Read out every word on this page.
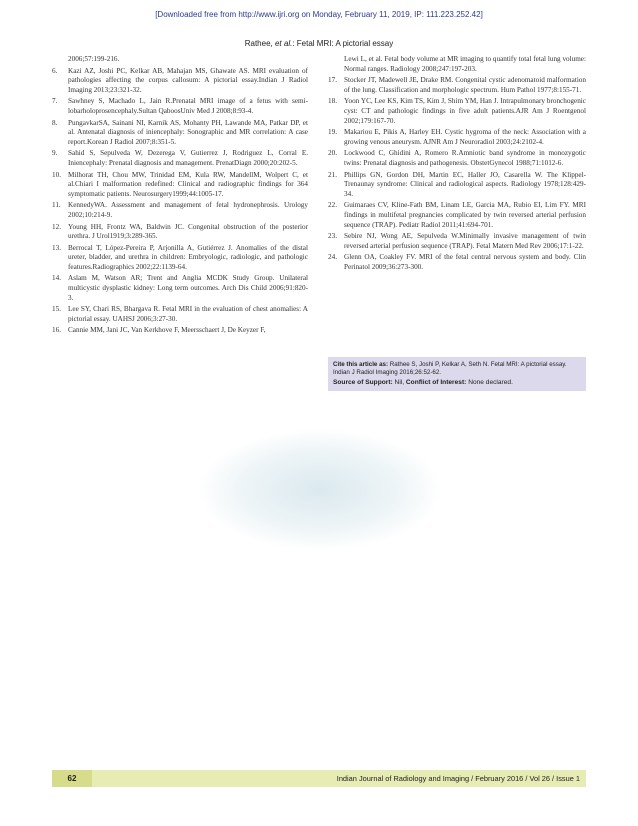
[Downloaded free from http://www.ijri.org on Monday, February 11, 2019, IP: 111.223.252.42]
Rathee, et al.: Fetal MRI: A pictorial essay
2006;57:199-216.
6.	Kazi AZ, Joshi PC, Kelkar AB, Mahajan MS, Ghawate AS. MRI evaluation of pathologies affecting the corpus callosum: A pictorial essay.Indian J Radiol Imaging 2013;23:321-32.
7.	Sawhney S, Machado L, Jain R.Prenatal MRI image of a fetus with semi-lobarholoprosencephaly.Sultan QaboosUniv Med J 2008;8:93-4.
8.	PungavkarSA, Sainani NI, Karnik AS, Mohanty PH, Lawande MA, Patkar DP, et al. Antenatal diagnosis of iniencephaly: Sonographic and MR correlation: A case report.Korean J Radiol 2007;8:351-5.
9.	Sahid S, Sepulveda W, Dezerega V, Gutierrez J, Rodriguez L, Corral E. Iniencephaly: Prenatal diagnosis and management. PrenatDiagn 2000;20:202-5.
10. Milhorat TH, Chou MW, Trinidad EM, Kula RW, MandellM, Wolpert C, et al.Chiari I malformation redefined: Clinical and radiographic findings for 364 symptomatic patients. Neurosurgery1999;44:1005-17.
11.	KennedyWA. Assessment and management of fetal hydronephrosis. Urology 2002;10:214-9.
12. Young HH, Frontz WA, Baldwin JC. Congenital obstruction of the posterior urethra. J Urol1919;3:289-365.
13. Berrocal T, López-Pereira P, Arjonilla A, Gutiérrez J. Anomalies of the distal ureter, bladder, and urethra in children: Embryologic, radiologic, and pathologic features.Radiographics 2002;22:1139-64.
14. Aslam M, Watson AR; Trent and Anglia MCDK Study Group. Unilateral multicystic dysplastic kidney: Long term outcomes. Arch Dis Child 2006;91:820-3.
15. Lee SY, Chari RS, Bhargava R. Fetal MRI in the evaluation of chest anomalies: A pictorial essay. UAHSJ 2006;3:27-30.
16. Cannie MM, Jani JC, Van Kerkhove F, Meersschaert J, De Keyzer F,
Lewi L, et al. Fetal body volume at MR imaging to quantify total fetal lung volume: Normal ranges. Radiology 2008;247:197-203.
17. Stocker JT, Madewell JE, Drake RM. Congenital cystic adenomatoid malformation of the lung. Classification and morphologic spectrum. Hum Pathol 1977;8:155-71.
18. Yoon YC, Lee KS, Kim TS, Kim J, Shim YM, Han J. Intrapulmonary bronchogenic cyst: CT and pathologic findings in five adult patients.AJR Am J Roentgenol 2002;179:167-70.
19. Makariou E, Pikis A, Harley EH. Cystic hygroma of the neck: Association with a growing venous aneurysm. AJNR Am J Neuroradiol 2003;24:2102-4.
20. Lockwood C, Ghidini A, Romero R.Amniotic band syndrome in monozygotic twins: Prenatal diagnosis and pathogenesis. ObstetGynecol 1988;71:1012-6.
21. Phillips GN, Gordon DH, Martin EC, Haller JO, Casarella W. The Klippel-Trenaunay syndrome: Clinical and radiological aspects. Radiology 1978;128:429-34.
22. Guimaraes CV, Kline-Fath BM, Linam LE, Garcia MA, Rubio EI, Lim FY. MRI findings in multifetal pregnancies complicated by twin reversed arterial perfusion sequence (TRAP). Pediatr Radiol 2011;41:694-701.
23. Sebire NJ, Wong AE, Sepulveda W.Minimally invasive management of twin reversed arterial perfusion sequence (TRAP). Fetal Matern Med Rev 2006;17:1-22.
24. Glenn OA, Coakley FV. MRI of the fetal central nervous system and body. Clin Perinatol 2009;36:273-300.
Cite this article as: Rathee S, Joshi P, Kelkar A, Seth N. Fetal MRI: A pictorial essay. Indian J Radiol Imaging 2016;26:52-62.
Source of Support: Nil, Conflict of Interest: None declared.
62	Indian Journal of Radiology and Imaging / February 2016 / Vol 26 / Issue 1
